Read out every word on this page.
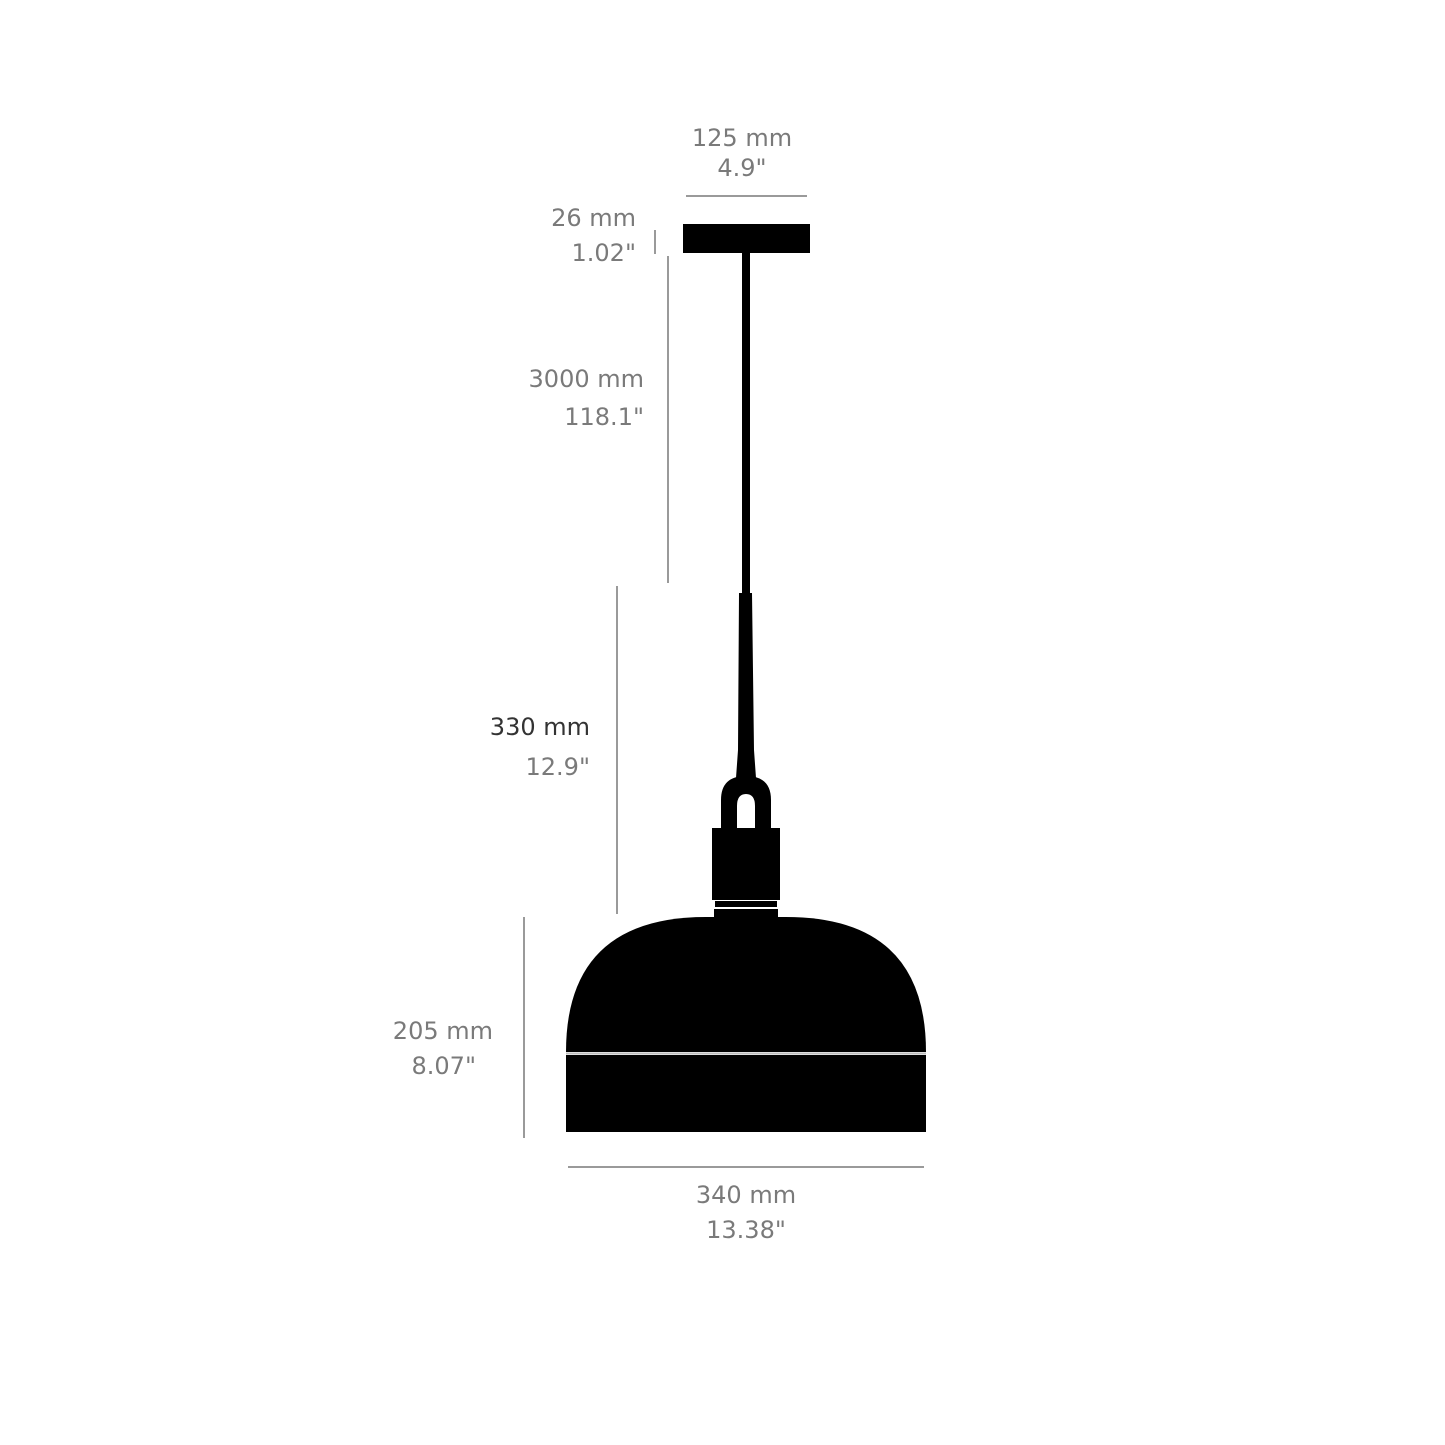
125 mm
4.9"
26 mm
1.02"
3000 mm
118.1"
330 mm
12.9"
205 mm
8.07"
340 mm
13.38"
